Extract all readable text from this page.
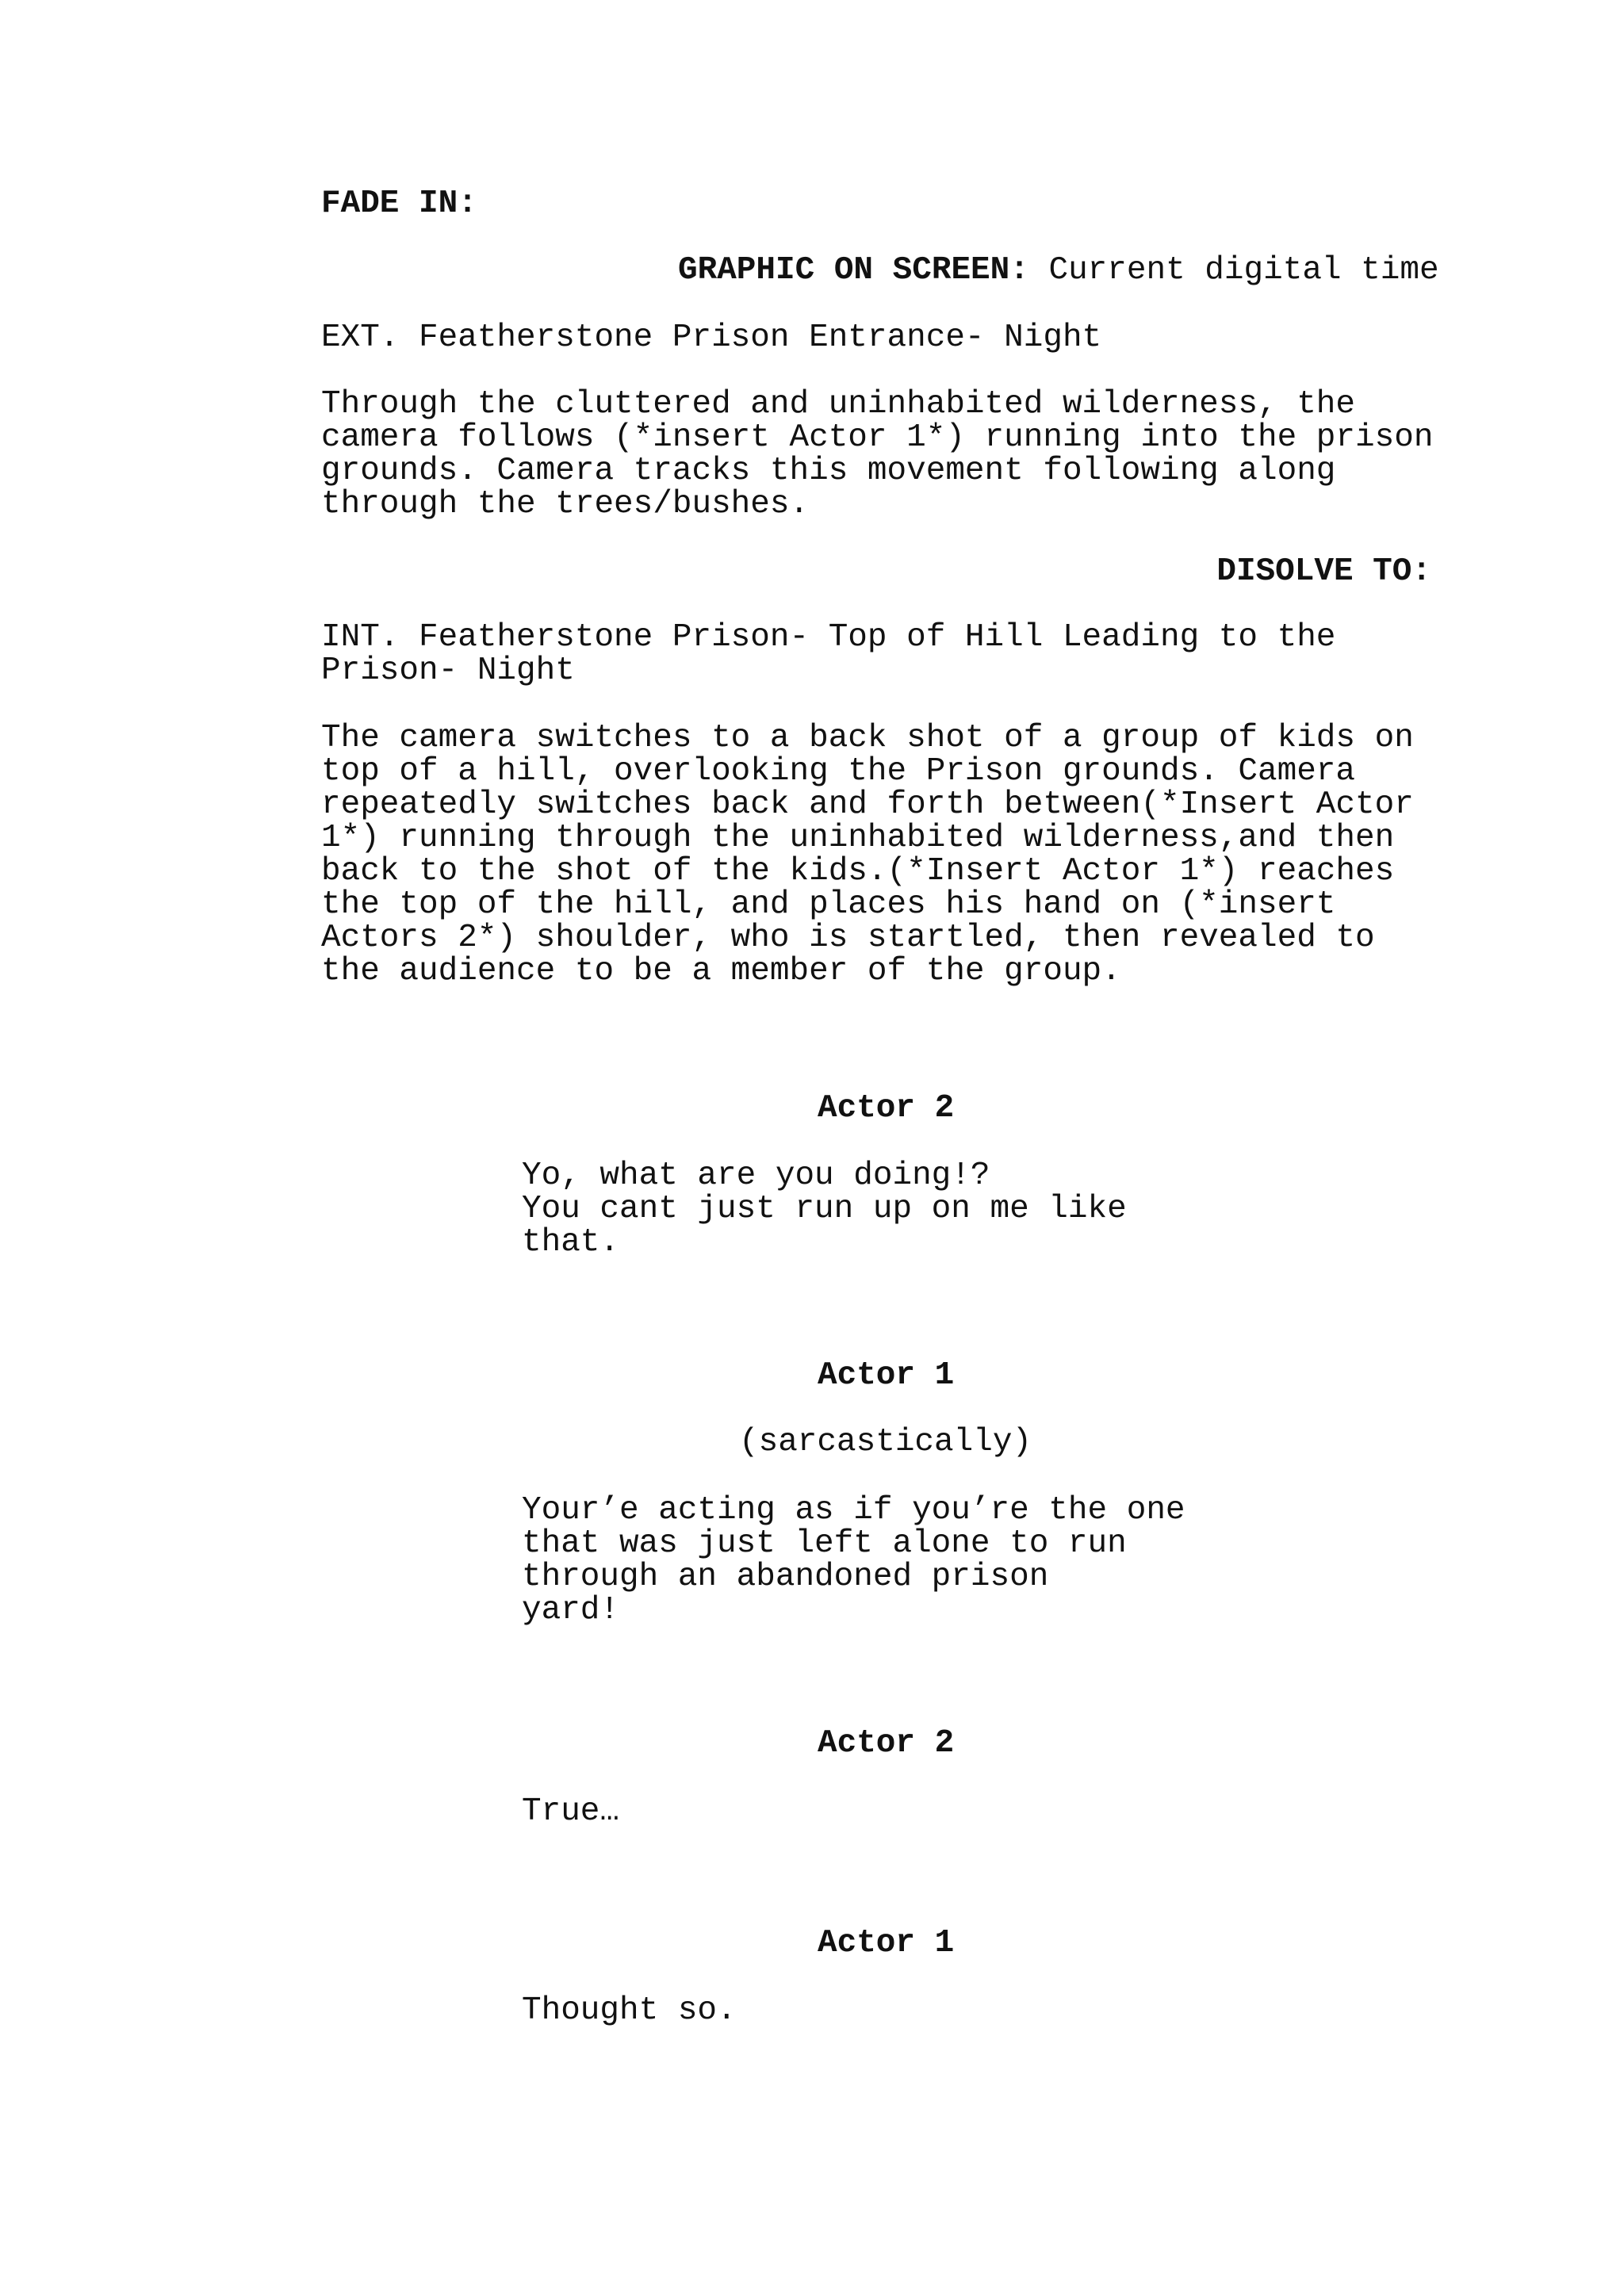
FADE IN:
GRAPHIC ON SCREEN: Current digital time
EXT. Featherstone Prison Entrance- Night
Through the cluttered and uninhabited wilderness, the
camera follows (*insert Actor 1*) running into the prison
grounds. Camera tracks this movement following along
through the trees/bushes.
DISOLVE TO:
INT. Featherstone Prison- Top of Hill Leading to the
Prison- Night
The camera switches to a back shot of a group of kids on
top of a hill, overlooking the Prison grounds. Camera
repeatedly switches back and forth between(*Insert Actor
1*) running through the uninhabited wilderness,and then
back to the shot of the kids.(*Insert Actor 1*) reaches
the top of the hill, and places his hand on (*insert
Actors 2*) shoulder, who is startled, then revealed to
the audience to be a member of the group.
Actor 2
Yo, what are you doing!?
You cant just run up on me like
that.
Actor 1
(sarcastically)
Your’e acting as if you’re the one
that was just left alone to run
through an abandoned prison
yard!
Actor 2
True…
Actor 1
Thought so.
